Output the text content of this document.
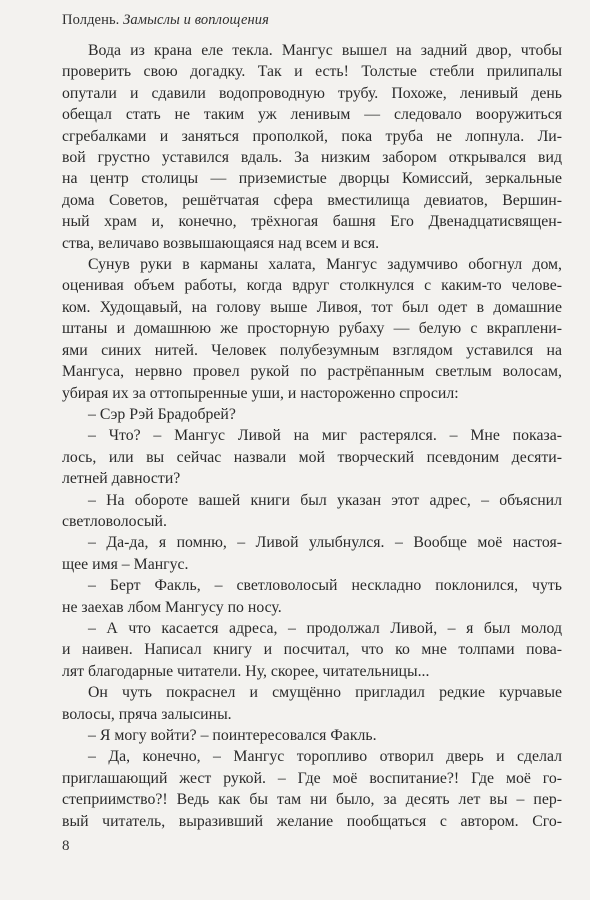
Полдень. Замыслы и воплощения
Вода из крана еле текла. Мангус вышел на задний двор, чтобы
проверить свою догадку. Так и есть! Толстые стебли прилипалы
опутали и сдавили водопроводную трубу. Похоже, ленивый день
обещал стать не таким уж ленивым — следовало вооружиться
сгребалками и заняться прополкой, пока труба не лопнула. Ли-
вой грустно уставился вдаль. За низким забором открывался вид
на центр столицы — приземистые дворцы Комиссий, зеркальные
дома Советов, решётчатая сфера вместилища девиатов, Вершин-
ный храм и, конечно, трёхногая башня Его Двенадцатисвящен-
ства, величаво возвышающаяся над всем и вся.
Сунув руки в карманы халата, Мангус задумчиво обогнул дом,
оценивая объем работы, когда вдруг столкнулся с каким-то челове-
ком. Худощавый, на голову выше Ливоя, тот был одет в домашние
штаны и домашнюю же просторную рубаху — белую с вкраплени-
ями синих нитей. Человек полубезумным взглядом уставился на
Мангуса, нервно провел рукой по растрёпанным светлым волосам,
убирая их за оттопыренные уши, и настороженно спросил:
– Сэр Рэй Брадобрей?
– Что? – Мангус Ливой на миг растерялся. – Мне показа-
лось, или вы сейчас назвали мой творческий псевдоним десяти-
летней давности?
– На обороте вашей книги был указан этот адрес, – объяснил
светловолосый.
– Да-да, я помню, – Ливой улыбнулся. – Вообще моё настоя-
щее имя – Мангус.
– Берт Факль, – светловолосый нескладно поклонился, чуть
не заехав лбом Мангусу по носу.
– А что касается адреса, – продолжал Ливой, – я был молод
и наивен. Написал книгу и посчитал, что ко мне толпами пова-
лят благодарные читатели. Ну, скорее, читательницы...
Он чуть покраснел и смущённо пригладил редкие курчавые
волосы, пряча залысины.
– Я могу войти? – поинтересовался Факль.
– Да, конечно, – Мангус торопливо отворил дверь и сделал
приглашающий жест рукой. – Где моё воспитание?! Где моё го-
степриимство?! Ведь как бы там ни было, за десять лет вы – пер-
вый читатель, выразивший желание пообщаться с автором. Сго-
8
